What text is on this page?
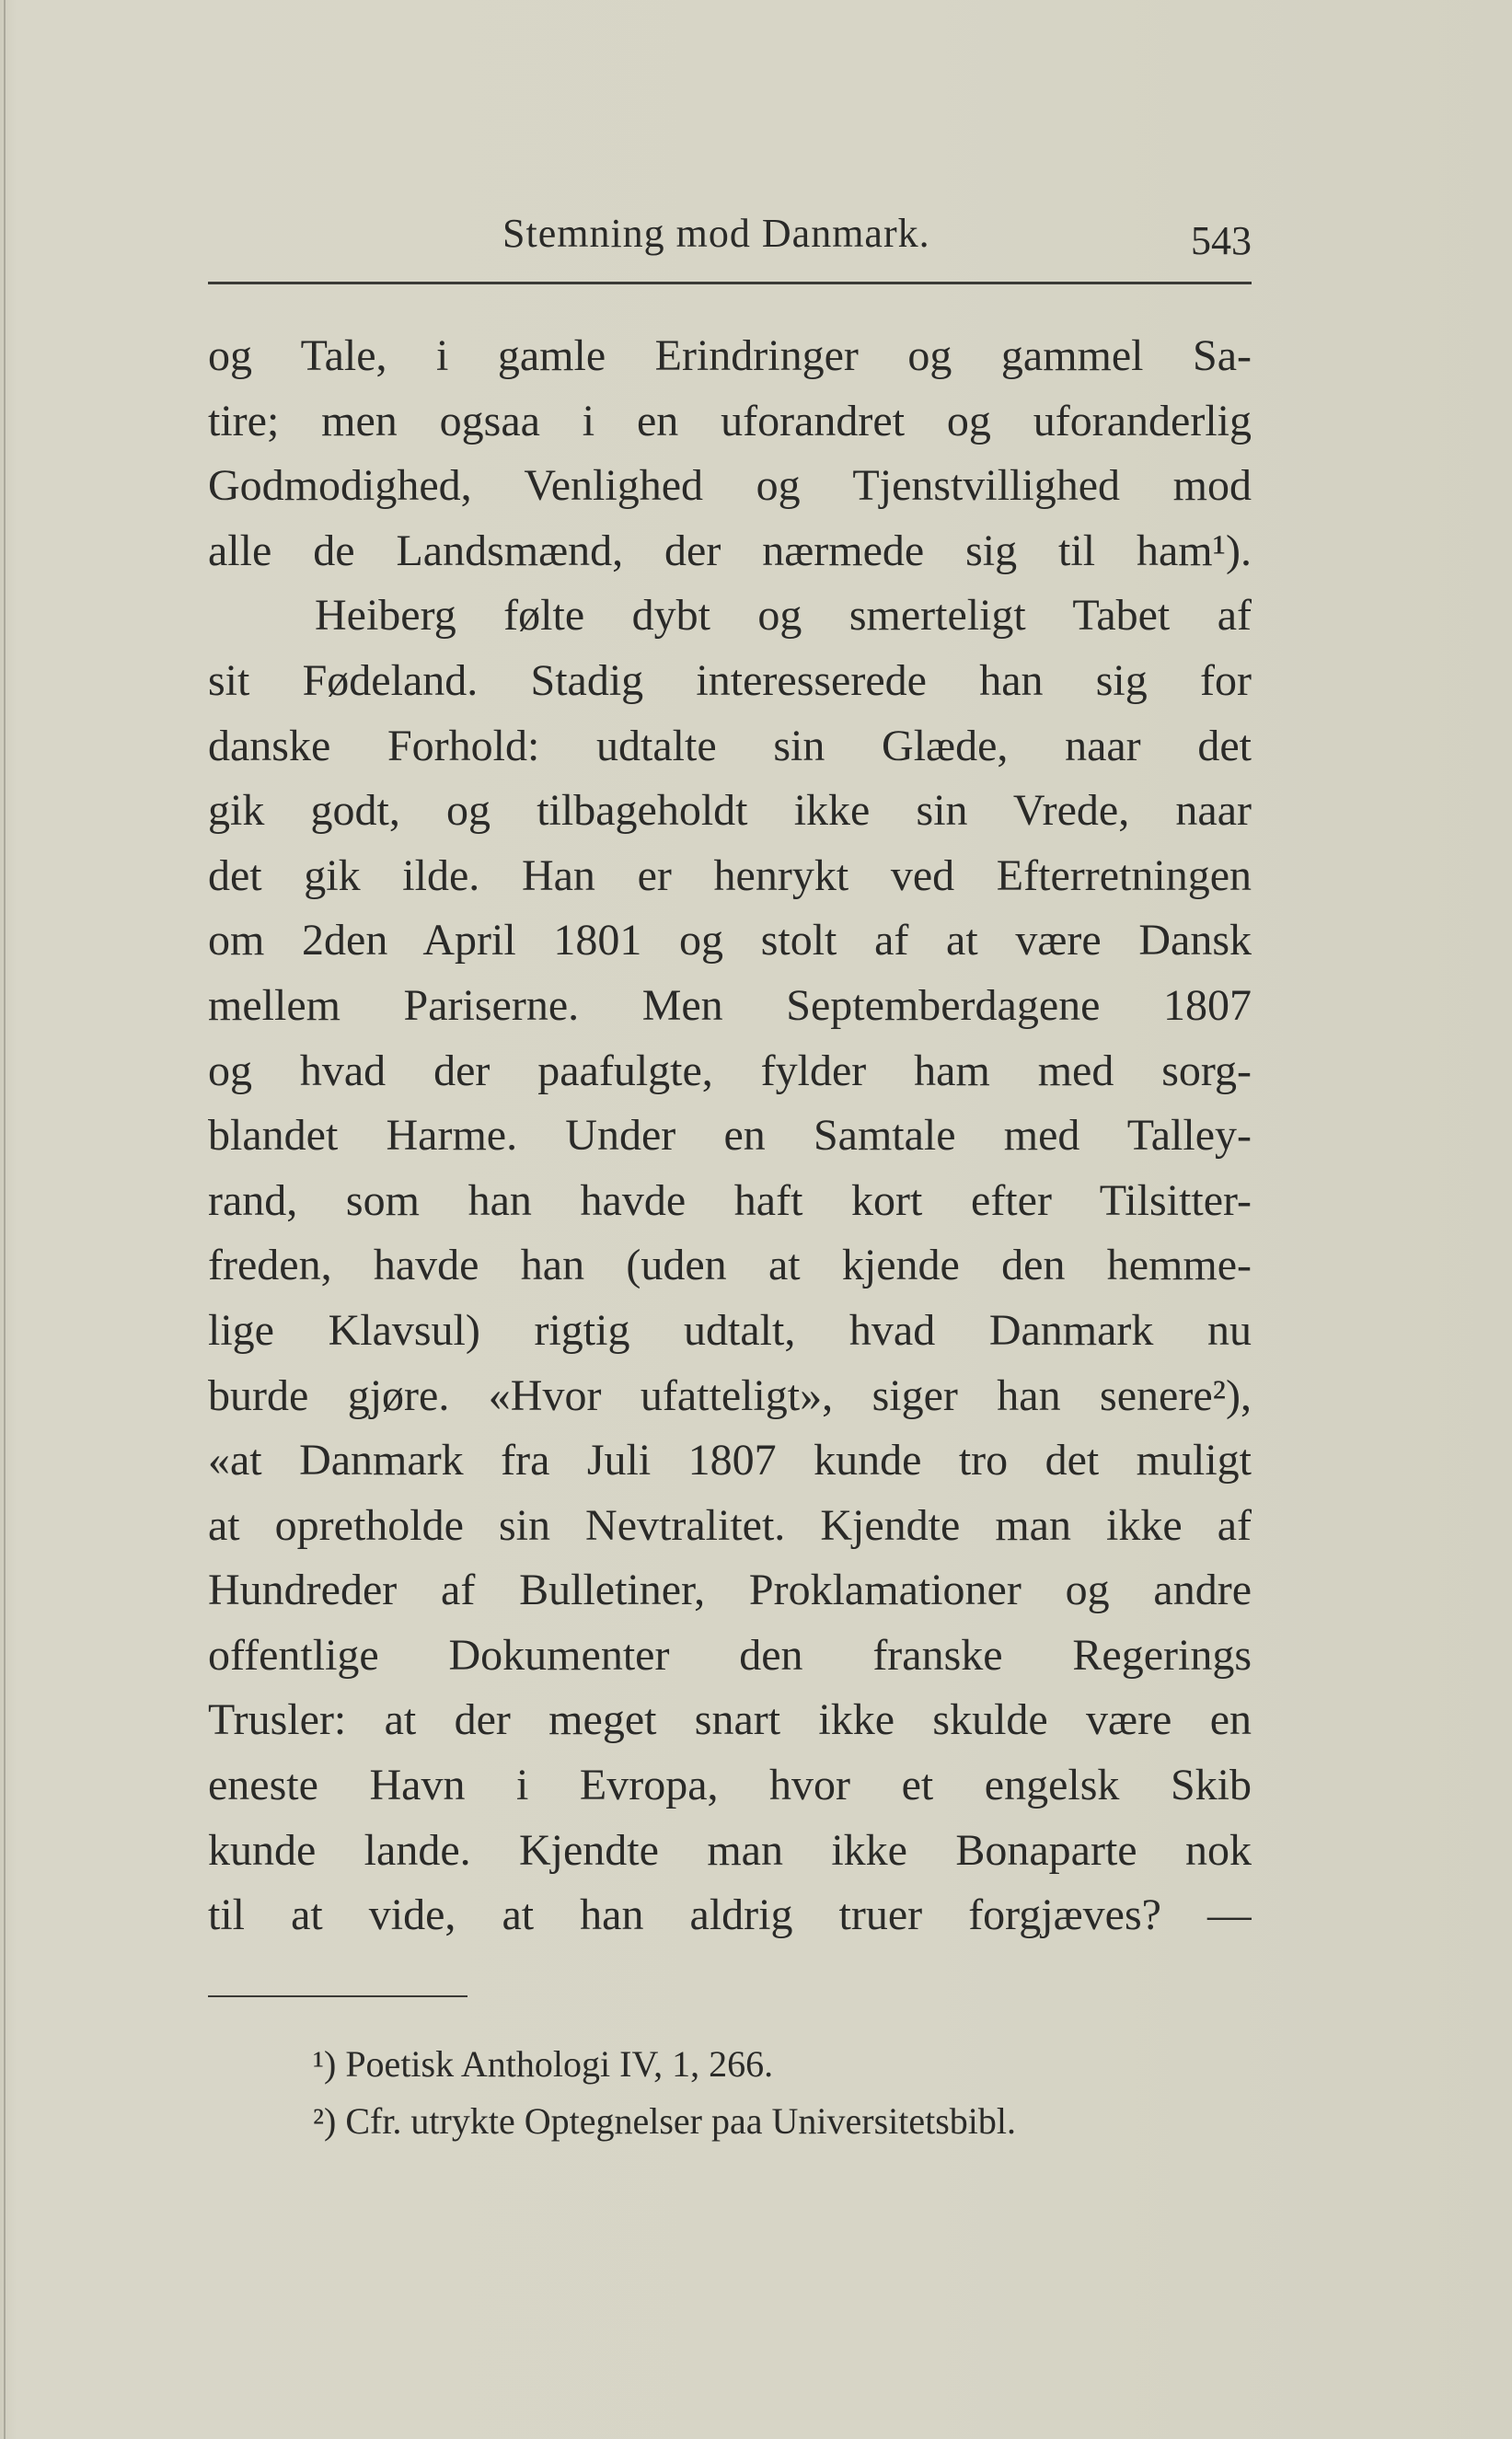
Stemning mod Danmark.	543
og Tale, i gamle Erindringer og gammel Sa-
tire; men ogsaa i en uforandret og uforanderlig
Godmodighed, Venlighed og Tjenstvillighed mod
alle de Landsmænd, der nærmede sig til ham¹).
Heiberg følte dybt og smerteligt Tabet af
sit Fødeland. Stadig interesserede han sig for
danske Forhold: udtalte sin Glæde, naar det
gik godt, og tilbageholdt ikke sin Vrede, naar
det gik ilde. Han er henrykt ved Efterretningen
om 2den April 1801 og stolt af at være Dansk
mellem Pariserne. Men Septemberdagene 1807
og hvad der paafulgte, fylder ham med sorg-
blandet Harme. Under en Samtale med Talley-
rand, som han havde haft kort efter Tilsitter-
freden, havde han (uden at kjende den hemme-
lige Klavsul) rigtig udtalt, hvad Danmark nu
burde gjøre. «Hvor ufatteligt», siger han senere²),
«at Danmark fra Juli 1807 kunde tro det muligt
at opretholde sin Nevtralitet. Kjendte man ikke af
Hundreder af Bulletiner, Proklamationer og andre
offentlige Dokumenter den franske Regerings
Trusler: at der meget snart ikke skulde være en
eneste Havn i Evropa, hvor et engelsk Skib
kunde lande. Kjendte man ikke Bonaparte nok
til at vide, at han aldrig truer forgjæves? —
¹) Poetisk Anthologi IV, 1, 266.
²) Cfr. utrykte Optegnelser paa Universitetsbibl.
